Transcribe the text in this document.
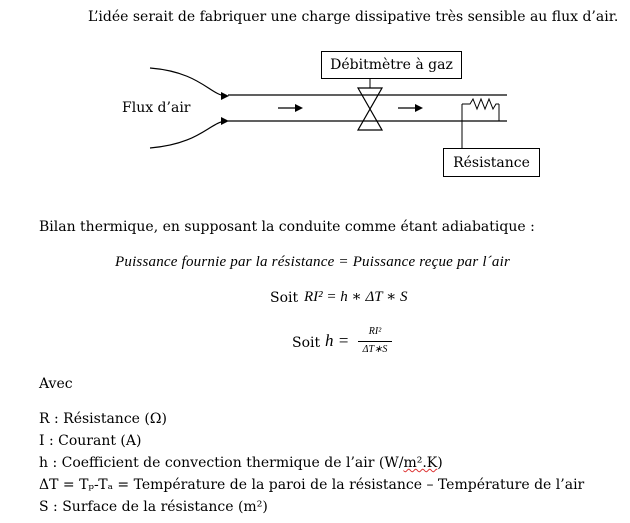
L’idée serait de fabriquer une charge dissipative très sensible au flux d’air.
Flux d’air
Débitmètre à gaz
Résistance
Bilan thermique, en supposant la conduite comme étant adiabatique :
Puissance fournie par la résistance = Puissance reçue par l´air
Soit RI² = h ∗ ΔT ∗ S
Soit h =	RI²
ΔT∗S
Avec
R : Résistance (Ω)
I : Courant (A)
h : Coefficient de convection thermique de l’air (W/m².K)
ΔT = Tₚ-Tₐ = Température de la paroi de la résistance – Température de l’air
S : Surface de la résistance (m²)
